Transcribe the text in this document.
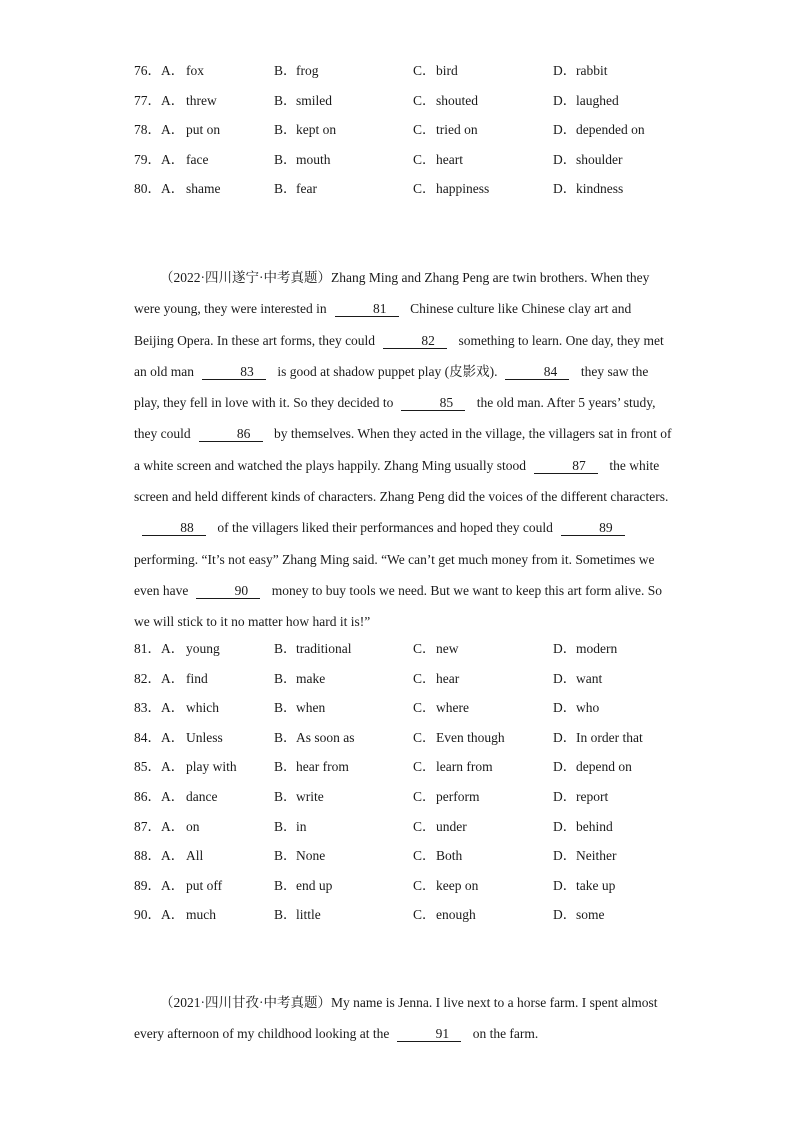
76．A． fox	B． frog	C． bird	D． rabbit
77．A． threw	B． smiled	C． shouted	D． laughed
78．A． put on	B． kept on	C． tried on	D． depended on
79．A． face	B． mouth	C． heart	D． shoulder
80．A． shame	B． fear	C． happiness	D． kindness

（2022·四川遂宁·中考真题）Zhang Ming and Zhang Peng are twin brothers. When they were young, they were interested in	81 Chinese culture like Chinese clay art and Beijing Opera. In these art forms, they could	82 something to learn. One day, they met an old man	83 is good at shadow puppet play (皮影戏).	84 they saw the play, they fell in love with it. So they decided to	85 the old man. After 5 years’ study, they could	86 by themselves. When they acted in the village, the villagers sat in front of a white screen and watched the plays happily. Zhang Ming usually stood	87 the white screen and held different kinds of characters. Zhang Peng did the voices of the different characters.88 of the villagers liked their performances and hoped they could	89 performing. “It’s not easy” Zhang Ming said. “We can’t get much money from it. Sometimes we even have	90 money to buy tools we need. But we want to keep this art form alive. So we will stick to it no matter how hard it is!”

81．A． young	B． traditional	C． new	D． modern
82．A． find	B． make	C． hear	D． want
83．A． which	B． when	C． where	D． who
84．A． Unless	B． As soon as	C． Even though	D． In order that
85．A． play with	B． hear from	C． learn from	D． depend on
86．A． dance	B． write	C． perform	D． report
87．A． on	B． in	C． under	D． behind
88．A． All	B． None	C． Both	D． Neither
89．A． put off	B． end up	C． keep on	D． take up
90．A． much	B． little	C． enough	D． some

（2021·四川甘孜·中考真题）My name is Jenna. I live next to a horse farm. I spent almost every afternoon of my childhood looking at the	91 on the farm.
